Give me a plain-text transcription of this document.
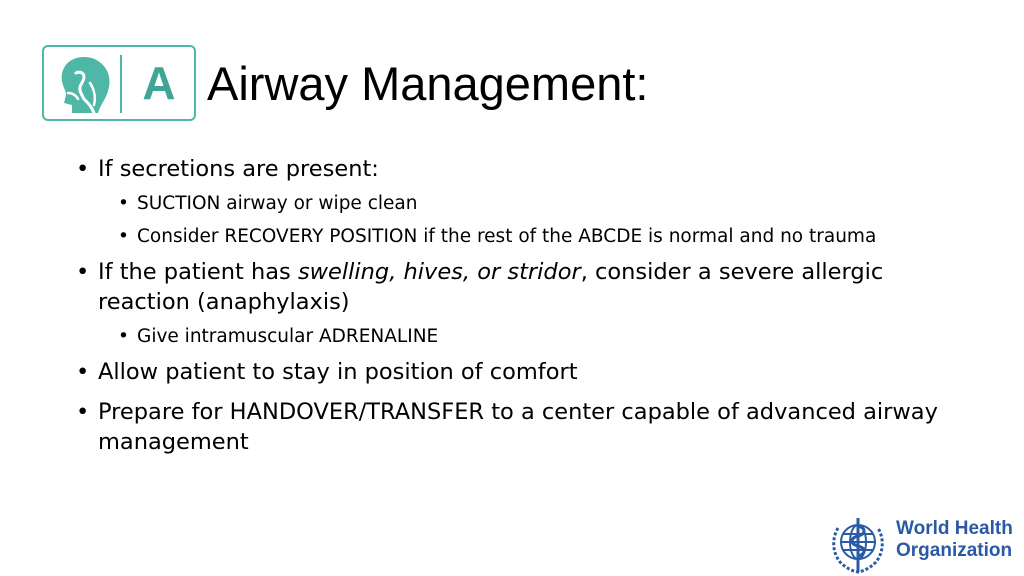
A Airway Management:
• If secretions are present:
• SUCTION airway or wipe clean
• Consider RECOVERY POSITION if the rest of the ABCDE is normal and no trauma
• If the patient has swelling, hives, or stridor, consider a severe allergic reaction (anaphylaxis)
• Give intramuscular ADRENALINE
• Allow patient to stay in position of comfort
• Prepare for HANDOVER/TRANSFER to a center capable of advanced airway management
World Health
Organization
